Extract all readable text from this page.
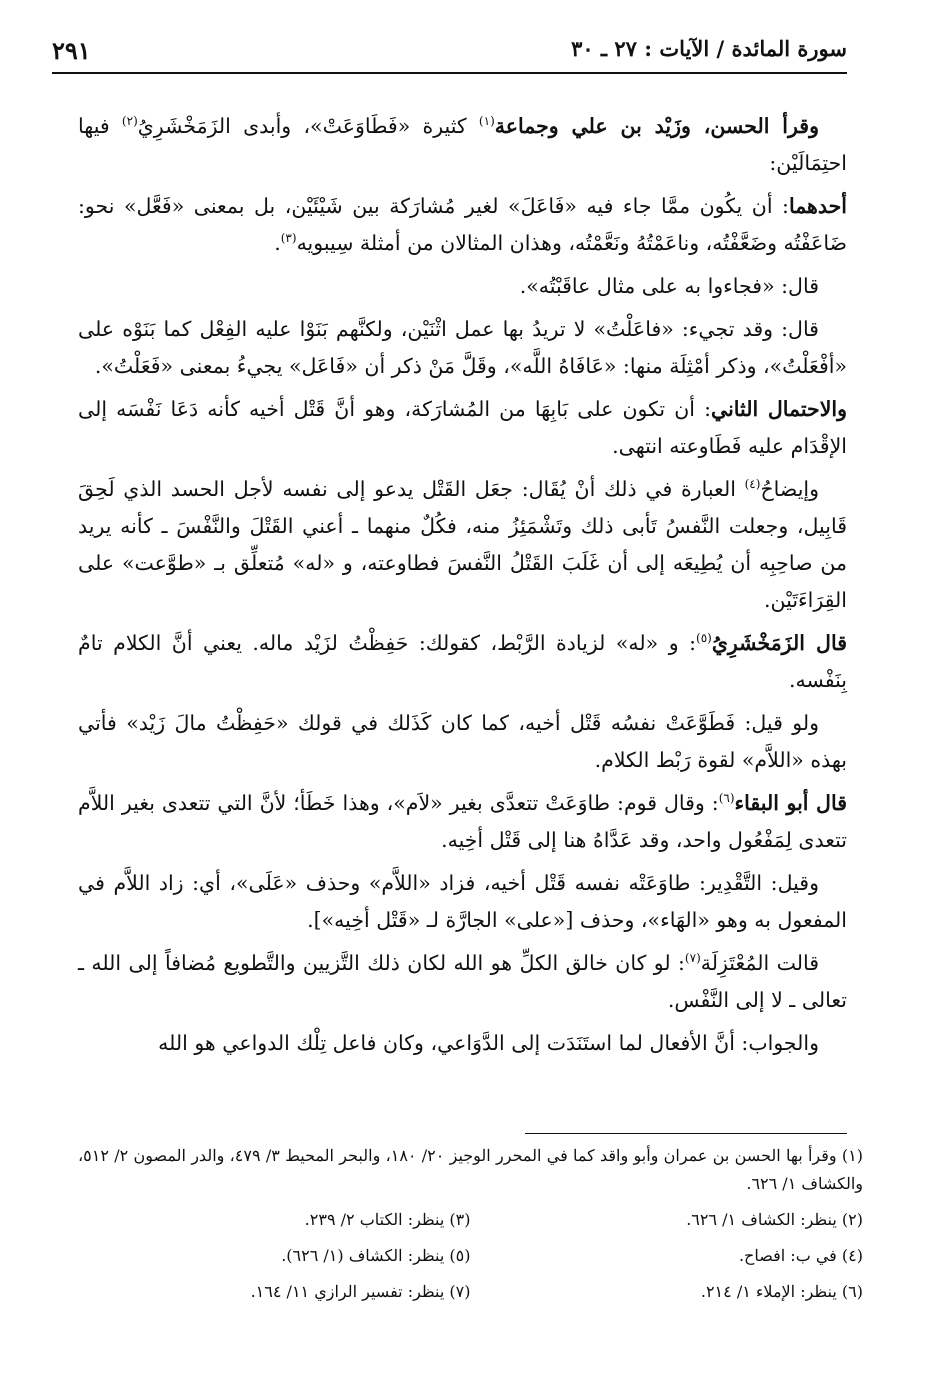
سورة المائدة / الآيات : ٢٧ ـ ٣٠
٢٩١

وقرأ الحسن، وزَيْد بن علي وجماعة$^{(١)}$ كثيرة «فَطَاوَعَتْ»، وأبدى الزَمَخْشَرِيُ$^{(٢)}$ فيها احتِمَالَيْن:

أحدهما: أن يكُون ممَّا جاء فيه «فَاعَلَ» لغير مُشارَكة بين شَيْئَيْن، بل بمعنى «فَعَّل» نحو: ضَاعَفْتُه وضَعَّفْتُه، وناعَمْتُهُ ونَعَّمْتُه، وهذان المثالان من أمثلة سِيبويه$^{(٣)}$.

قال: «فجاءوا به على مثال عاقَبْتُه».

قال: وقد تجيء: «فاعَلْتُ» لا تريدُ بها عمل اثْنَيْن، ولكنَّهم بَنَوْا عليه الفِعْل كما بَنَوْه على «أفْعَلْتُ»، وذكر أمْثِلَة منها: «عَافَاهُ اللَّه»، وقَلَّ مَنْ ذكر أن «فَاعَل» يجيءُ بمعنى «فَعَلْتُ».

والاحتمال الثاني: أن تكون على بَابِهَا من المُشارَكة، وهو أنَّ قَتْل أخيه كأنه دَعَا نَفْسَه إلى الإقْدَام عليه فَطَاوعته انتهى.

وإيضاحُ$^{(٤)}$ العبارة في ذلك أنْ يُقَال: جعَل القَتْل يدعو إلى نفسه لأجل الحسد الذي لَحِقَ قَابِيل، وجعلت النَّفسُ تَأبى ذلك وتَشْمَئِزُ منه، فكُلٌ منهما ـ أعني القَتْلَ والنَّفْسَ ـ كأنه يريد من صاحِبِه أن يُطِيعَه إلى أن غَلَبَ القَتْلُ النَّفسَ فطاوعته، و «له» مُتعلِّق بـ «طوَّعت» على القِرَاءَتَيْن.

قال الزَمَخْشَرِيُ$^{(٥)}$: و «له» لزيادة الرَّبْط، كقولك: حَفِظْتُ لزَيْد ماله. يعني أنَّ الكلام تامٌ بِنَفْسه.

ولو قيل: فَطَوَّعَتْ نفسُه قَتْل أخيه، كما كان كَذَلك في قولك «حَفِظْتُ مالَ زَيْد» فأتي بهذه «اللاَّم» لقوة رَبْط الكلام.

قال أبو البقاء$^{(٦)}$: وقال قوم: طاوَعَتْ تتعدَّى بغير «لاَم»، وهذا خَطَأ؛ لأنَّ التي تتعدى بغير اللاَّم تتعدى لِمَفْعُول واحد، وقد عَدَّاهُ هنا إلى قَتْل أخِيه.

وقيل: التَّقْدِير: طاوَعَتْه نفسه قَتْل أخيه، فزاد «اللاَّم» وحذف «عَلَى»، أي: زاد اللاَّم في المفعول به وهو «الهَاء»، وحذف [«على» الجارَّة لـ «قَتْل أخِيه»].

قالت المُعْتَزِلَة$^{(٧)}$: لو كان خالق الكلِّ هو الله لكان ذلك التَّزيين والتَّطويع مُضافاً إلى الله ـ تعالى ـ لا إلى النَّفْس.

والجواب: أنَّ الأفعال لما استَنَدَت إلى الدَّوَاعي، وكان فاعل تِلْك الدواعي هو الله

(١) وقرأ بها الحسن بن عمران وأبو واقد كما في المحرر الوجيز ٢٠/ ١٨٠، والبحر المحيط ٣/ ٤٧٩، والدر المصون ٢/ ٥١٢، والكشاف ١/ ٦٢٦.

(٢) ينظر: الكشاف ١/ ٦٢٦.
(٣) ينظر: الكتاب ٢/ ٢٣٩.
(٤) في ب: افصاح.
(٥) ينظر: الكشاف (١/ ٦٢٦).
(٦) ينظر: الإملاء ١/ ٢١٤.
(٧) ينظر: تفسير الرازي ١١/ ١٦٤.
